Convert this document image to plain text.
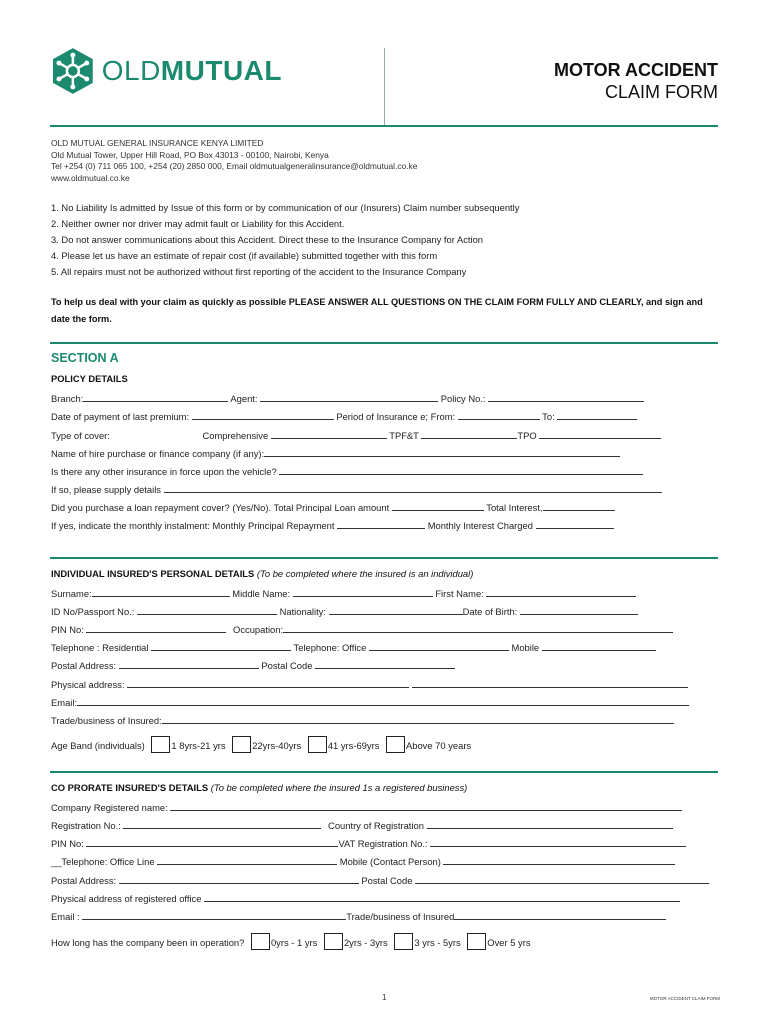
OLDMUTUAL	MOTOR ACCIDENT
CLAIM FORM
OLD MUTUAL GENERAL INSURANCE KENYA LIMITED
Old Mutual Tower, Upper Hill Road, PO Box 43013 - 00100, Nairobi, Kenya
Tel +254 (0) 711 065 100, +254 (20) 2850 000, Email oldmutualgeneralinsurance@oldmutual.co.ke
www.oldmutual.co.ke
1. No Liability Is admitted by Issue of this form or by communication of our (Insurers) Claim number subsequently
2. Neither owner nor driver may admit fault or Liability for this Accident.
3. Do not answer communications about this Accident. Direct these to the Insurance Company for Action
4. Please let us have an estimate of repair cost (if available) submitted together with this form
5. All repairs must not be authorized without first reporting of the accident to the Insurance Company
To help us deal with your claim as quickly as possible PLEASE ANSWER ALL QUESTIONS ON THE CLAIM FORM FULLY AND CLEARLY, and sign and date the form.
SECTION A
POLICY DETAILS
Branch:	Agent:	Policy No.:
Date of payment of last premium:	Period of Insurance e; From:	To:
Type of cover:	Comprehensive	TPF&T	TPO
Name of hire purchase or finance company (if any):
Is there any other insurance in force upon the vehicle?
If so, please supply details
Did you purchase a loan repayment cover? (Yes/No). Total Principal Loan amount	Total Interest,
If yes, indicate the monthly instalment: Monthly Principal Repayment	Monthly Interest Charged
INDIVIDUAL INSURED'S PERSONAL DETAILS (To be completed where the insured is an individual)
Surname:	Middle Name:	First Name:
ID No/Passport No.:	Nationality:	Date of Birth:
PIN No:	Occupation:
Telephone : Residential	Telephone: Office	Mobile
Postal Address:	Postal Code
Physical address:
Email:
Trade/business of Insured:
Age Band (individuals)	1 8yrs-21 yrs	22yrs-40yrs	41 yrs-69yrs	Above 70 years
CO PRORATE INSURED'S DETAILS (To be completed where the insured 1s a registered business)
Company Registered name:
Registration No.:	Country of Registration
PIN No:	VAT Registration No.:
__Telephone: Office Line	Mobile (Contact Person)
Postal Address:	Postal Code
Physical address of registered office
Email :	Trade/business of Insured
How long has the company been in operation?	0yrs - 1 yrs	2yrs - 3yrs	3 yrs - 5yrs	Over 5 yrs
1	MOTOR ACCIDENT CLAIM FORM
